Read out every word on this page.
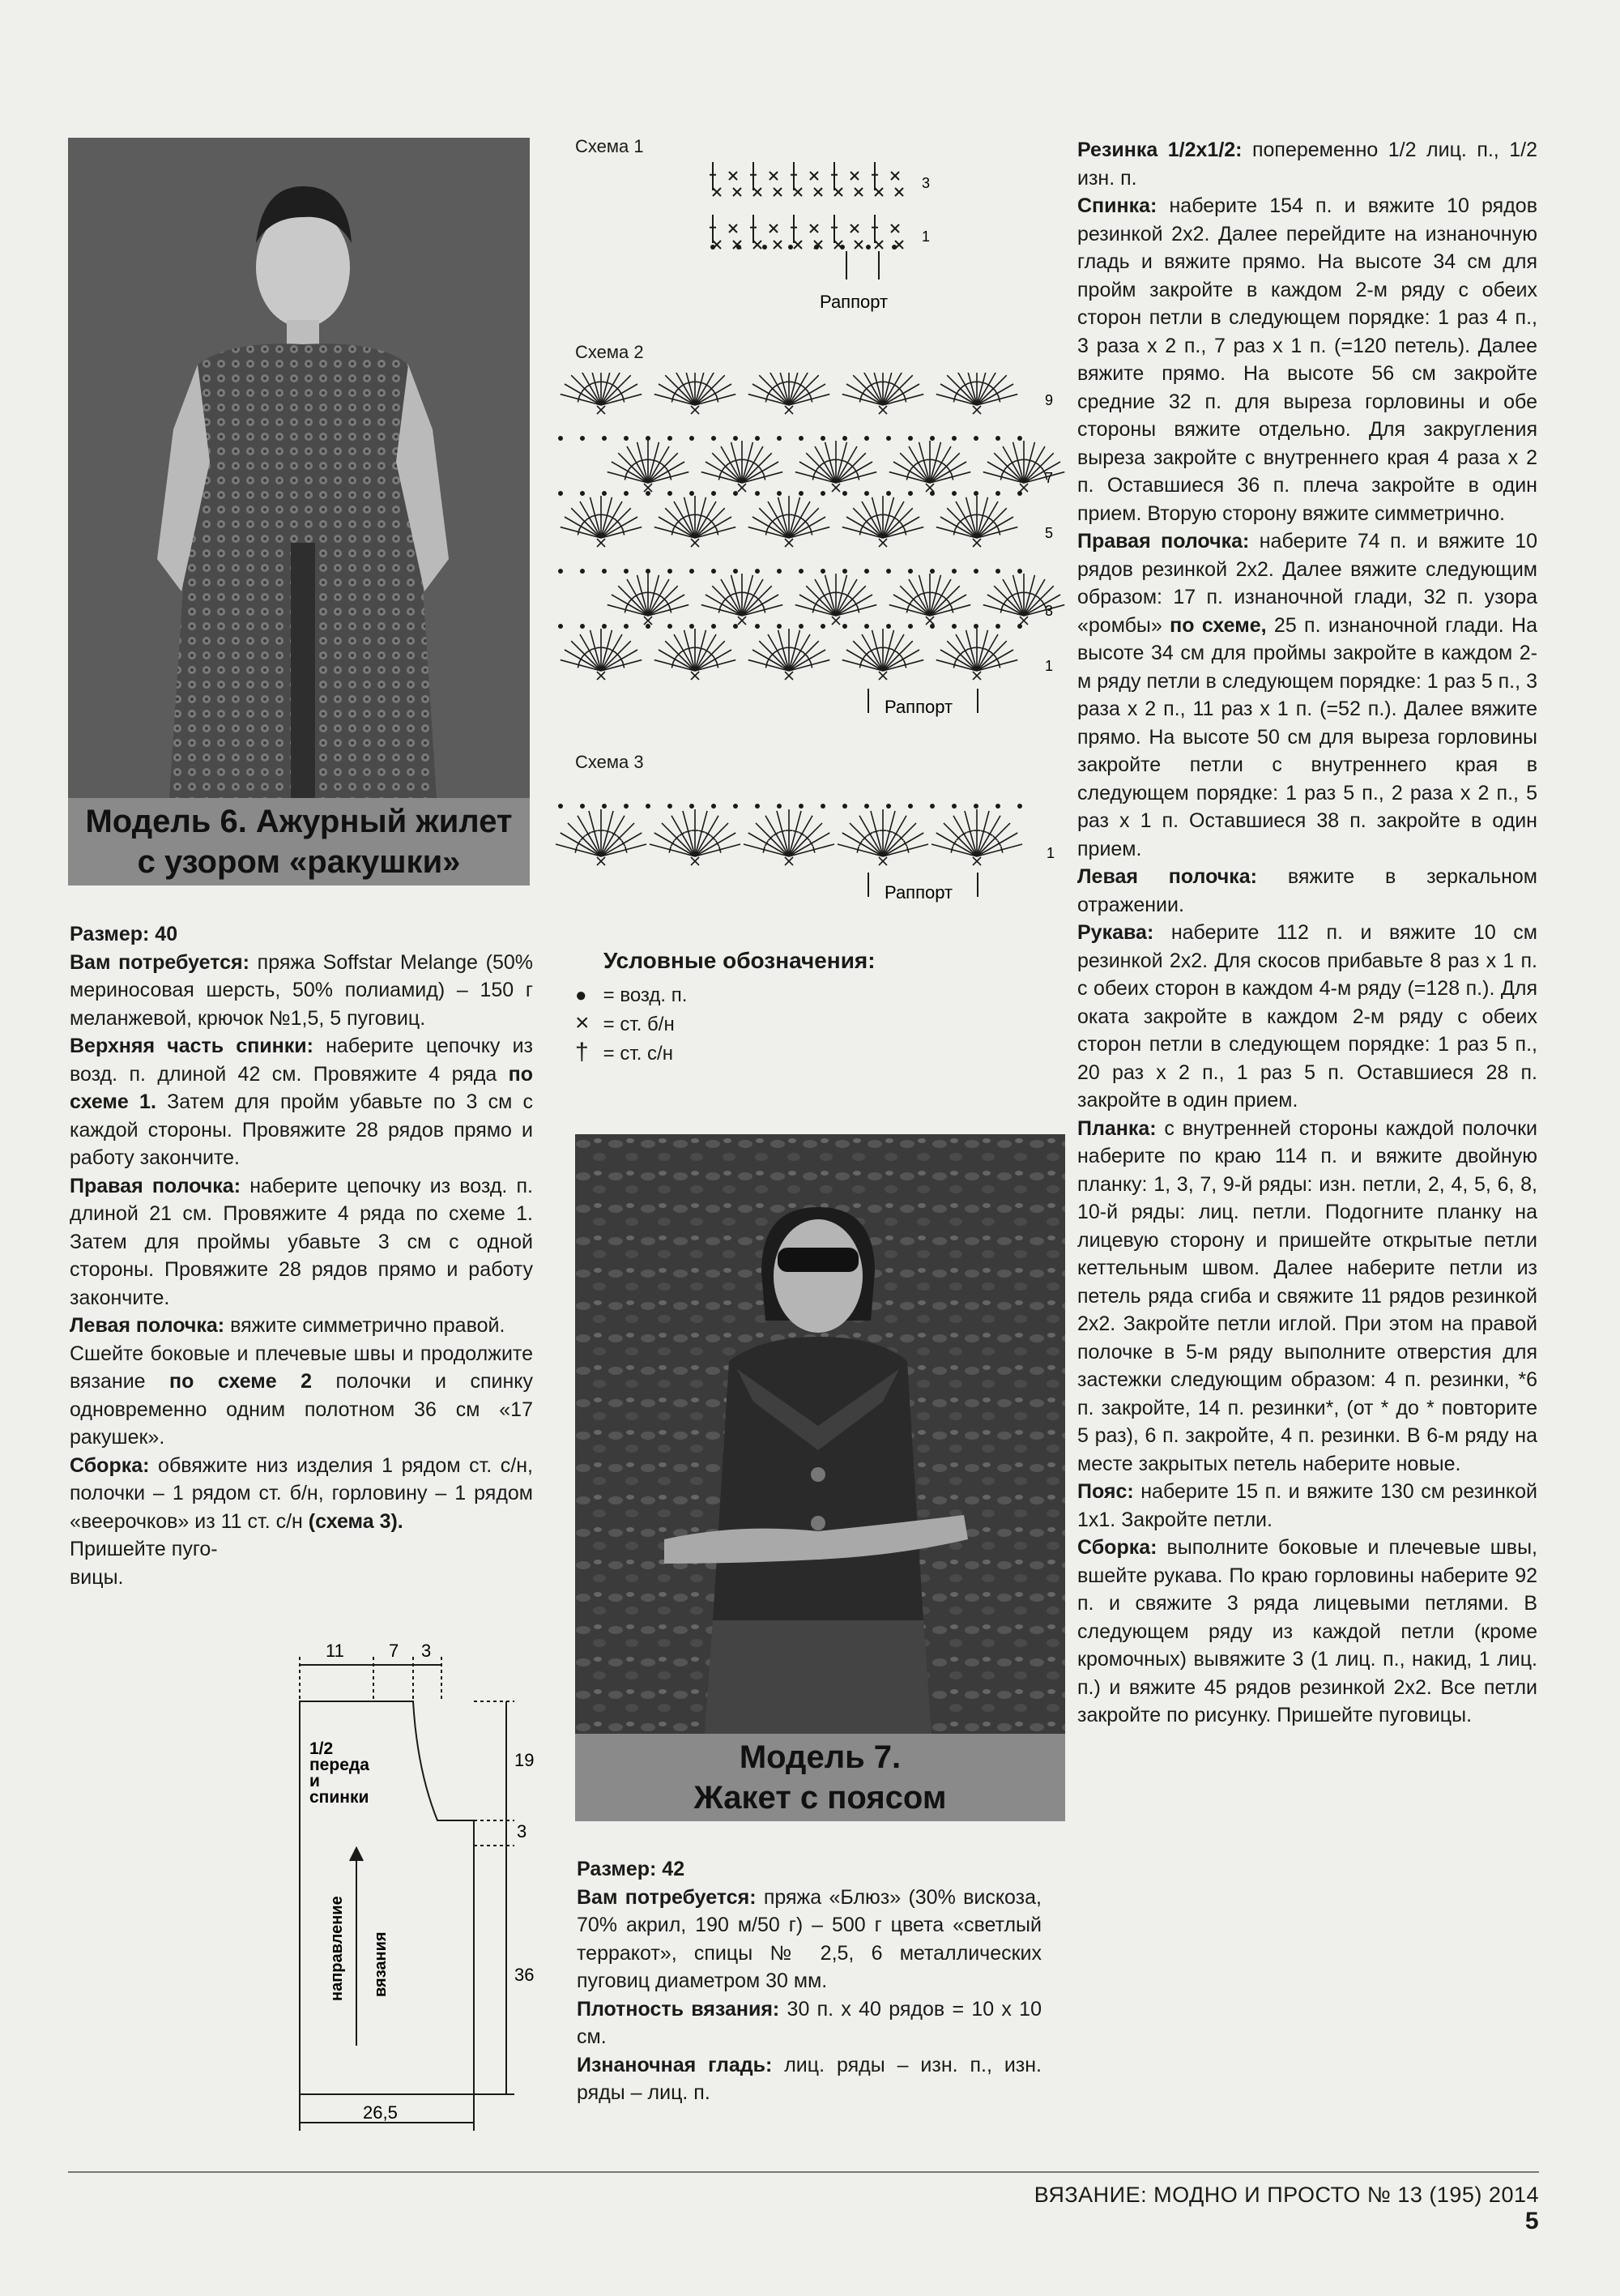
Модель 6. Ажурный жилет
с узором «ракушки»

Размер: 40

Вам потребуется: пряжа Soffstar Melange (50% мериносовая шерсть, 50% полиамид) – 150 г меланжевой, крючок №1,5, 5 пуговиц.

Верхняя часть спинки: наберите цепочку из возд. п. длиной 42 см. Провяжите 4 ряда по схеме 1. Затем для пройм убавьте по 3 см с каждой стороны. Провяжите 28 рядов прямо и работу закончите.

Правая полочка: наберите цепочку из возд. п. длиной 21 см. Провяжите 4 ряда по схеме 1. Затем для проймы убавьте 3 см с одной стороны. Провяжите 28 рядов прямо и работу закончите.

Левая полочка: вяжите симметрично правой.

Сшейте боковые и плечевые швы и продолжите вязание по схеме 2 полочки и спинку одновременно одним полотном 36 см «17 ракушек».

Сборка: обвяжите низ изделия 1 рядом ст. с/н, полочки – 1 рядом ст. б/н, горловину – 1 рядом «веерочков» из 11 ст. с/н (схема 3).

Пришейте пуго-

вицы.

11	7 3
19
3
36
26,5
1/2
переда
и
спинки
направление вязания
Схема 1
3
1
Раппорт
Схема 2
9
7
5
3
1
Раппорт
Схема 3
1
Раппорт
Условные обозначения:
● = возд. п.
× = ст. б/н
† = ст. с/н
Модель 7.
Жакет с поясом

Размер: 42

Вам потребуется: пряжа «Блюз» (30% вискоза, 70% акрил, 190 м/50 г) – 500 г цвета «светлый терракот», спицы № 2,5, 6 металлических пуговиц диаметром 30 мм.

Плотность вязания: 30 п. х 40 рядов = 10 х 10 см.

Изнаночная гладь: лиц. ряды – изн. п., изн. ряды – лиц. п.

Резинка 1/2х1/2: попеременно 1/2 лиц. п., 1/2 изн. п.

Спинка: наберите 154 п. и вяжите 10 рядов резинкой 2х2. Далее перейдите на изнаночную гладь и вяжите прямо. На высоте 34 см для пройм закройте в каждом 2-м ряду с обеих сторон петли в следующем порядке: 1 раз 4 п., 3 раза х 2 п., 7 раз х 1 п. (=120 петель). Далее вяжите прямо. На высоте 56 см закройте средние 32 п. для выреза горловины и обе стороны вяжите отдельно. Для закругления выреза закройте с внутреннего края 4 раза х 2 п. Оставшиеся 36 п. плеча закройте в один прием. Вторую сторону вяжите симметрично.

Правая полочка: наберите 74 п. и вяжите 10 рядов резинкой 2х2. Далее вяжите следующим образом: 17 п. изнаночной глади, 32 п. узора «ромбы» по схеме, 25 п. изнаночной глади. На высоте 34 см для проймы закройте в каждом 2-м ряду петли в следующем порядке: 1 раз 5 п., 3 раза х 2 п., 11 раз х 1 п. (=52 п.). Далее вяжите прямо. На высоте 50 см для выреза горловины закройте петли с внутреннего края в следующем порядке: 1 раз 5 п., 2 раза х 2 п., 5 раз х 1 п. Оставшиеся 38 п. закройте в один прием.

Левая полочка: вяжите в зеркальном отражении.

Рукава: наберите 112 п. и вяжите 10 см резинкой 2х2. Для скосов прибавьте 8 раз х 1 п. с обеих сторон в каждом 4-м ряду (=128 п.). Для оката закройте в каждом 2-м ряду с обеих сторон петли в следующем порядке: 1 раз 5 п., 20 раз х 2 п., 1 раз 5 п. Оставшиеся 28 п. закройте в один прием.

Планка: с внутренней стороны каждой полочки наберите по краю 114 п. и вяжите двойную планку: 1, 3, 7, 9-й ряды: изн. петли, 2, 4, 5, 6, 8, 10-й ряды: лиц. петли. Подогните планку на лицевую сторону и пришейте открытые петли кеттельным швом. Далее наберите петли из петель ряда сгиба и свяжите 11 рядов резинкой 2х2. Закройте петли иглой. При этом на правой полочке в 5-м ряду выполните отверстия для застежки следующим образом: 4 п. резинки, *6 п. закройте, 14 п. резинки*, (от * до * повторите 5 раз), 6 п. закройте, 4 п. резинки. В 6-м ряду на месте закрытых петель наберите новые.

Пояс: наберите 15 п. и вяжите 130 см резинкой 1х1. Закройте петли.

Сборка: выполните боковые и плечевые швы, вшейте рукава. По краю горловины наберите 92 п. и свяжите 3 ряда лицевыми петлями. В следующем ряду из каждой петли (кроме кромочных) вывяжите 3 (1 лиц. п., накид, 1 лиц. п.) и вяжите 45 рядов резинкой 2х2. Все петли закройте по рисунку. Пришейте пуговицы.

ВЯЗАНИЕ: МОДНО И ПРОСТО № 13 (195) 2014 5
